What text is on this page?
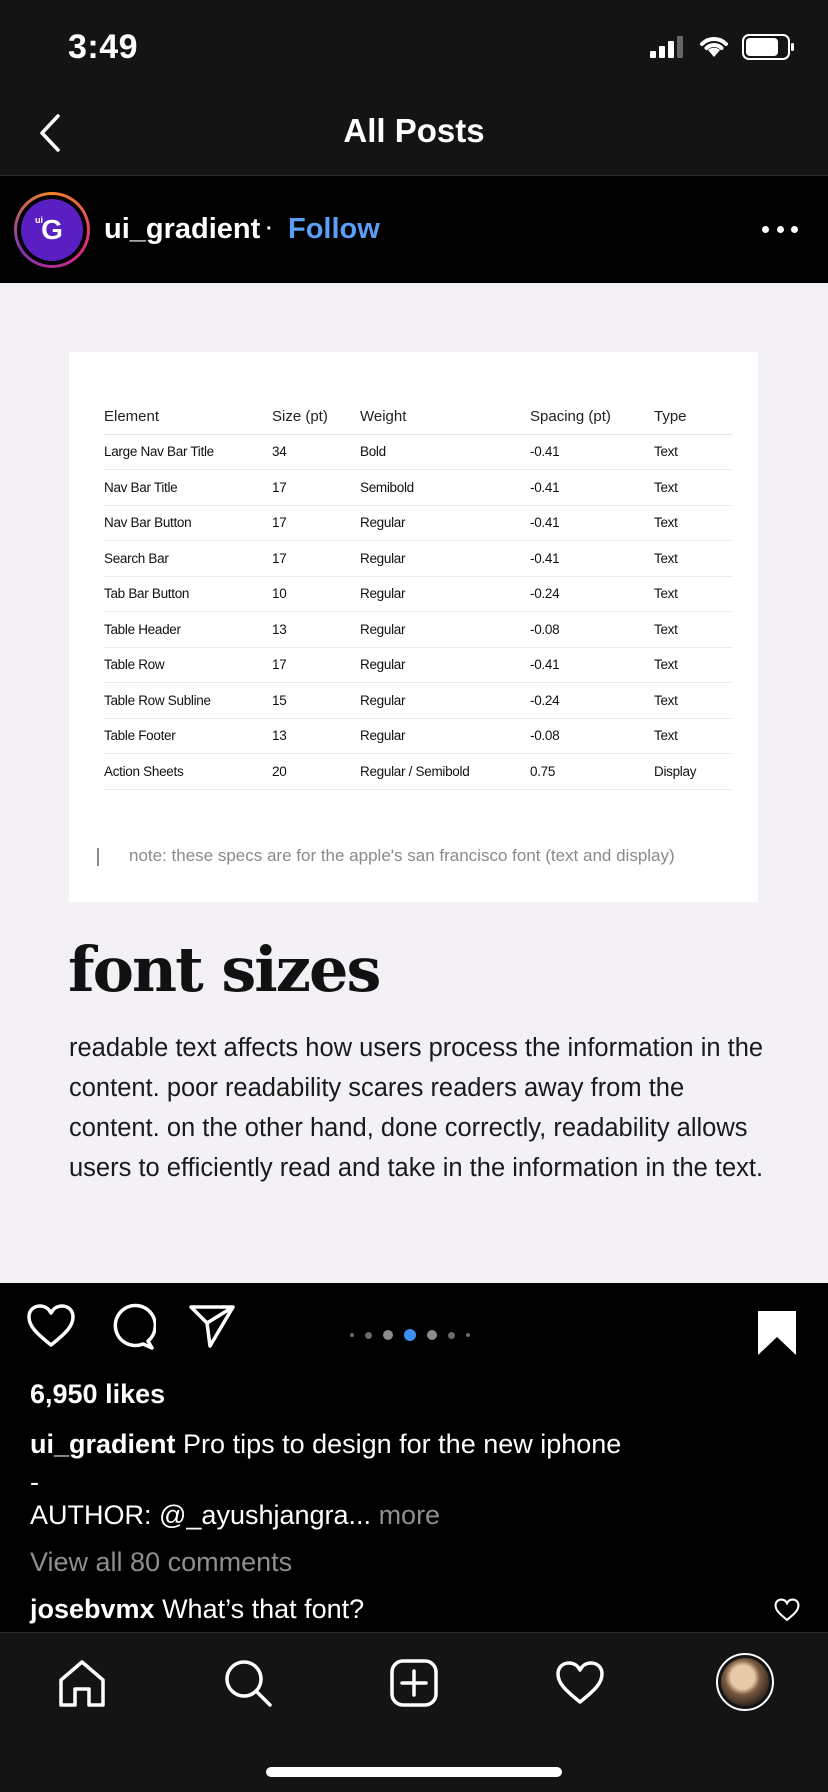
3:49
All Posts
ui
G ui_gradient · Follow
Element	Size (pt)	Weight	Spacing (pt)	Type
Large Nav Bar Title	34	Bold	-0.41	Text
Nav Bar Title	17	Semibold	-0.41	Text
Nav Bar Button	17	Regular	-0.41	Text
Search Bar	17	Regular	-0.41	Text
Tab Bar Button	10	Regular	-0.24	Text
Table Header	13	Regular	-0.08	Text
Table Row	17	Regular	-0.41	Text
Table Row Subline	15	Regular	-0.24	Text
Table Footer	13	Regular	-0.08	Text
Action Sheets	20	Regular / Semibold	0.75	Display
note: these specs are for the apple's san francisco font (text and display)
font sizes
readable text affects how users process the information in the content. poor readability scares readers away from the content. on the other hand, done correctly, readability allows users to efficiently read and take in the information in the text.
6,950 likes
ui_gradient Pro tips to design for the new iphone
-
AUTHOR: @_ayushjangra... more
View all 80 comments
josebvmx What’s that font?
